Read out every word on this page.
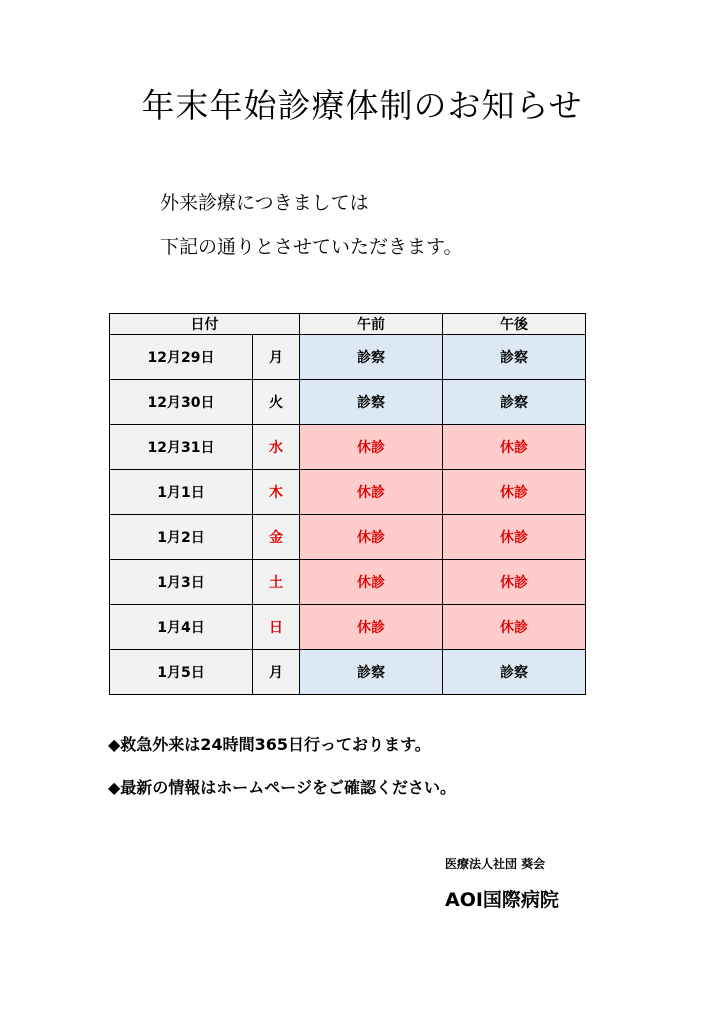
年末年始診療体制のお知らせ
外来診療につきましては
下記の通りとさせていただきます。
日付		午前	午後
12月29日	月	診察	診察
12月30日	火	診察	診察
12月31日	水	休診	休診
1月1日	木	休診	休診
1月2日	金	休診	休診
1月3日	土	休診	休診
1月4日	日	休診	休診
1月5日	月	診察	診察
◆救急外来は24時間365日行っております。
◆最新の情報はホームページをご確認ください。
医療法人社団 葵会
AOI国際病院
